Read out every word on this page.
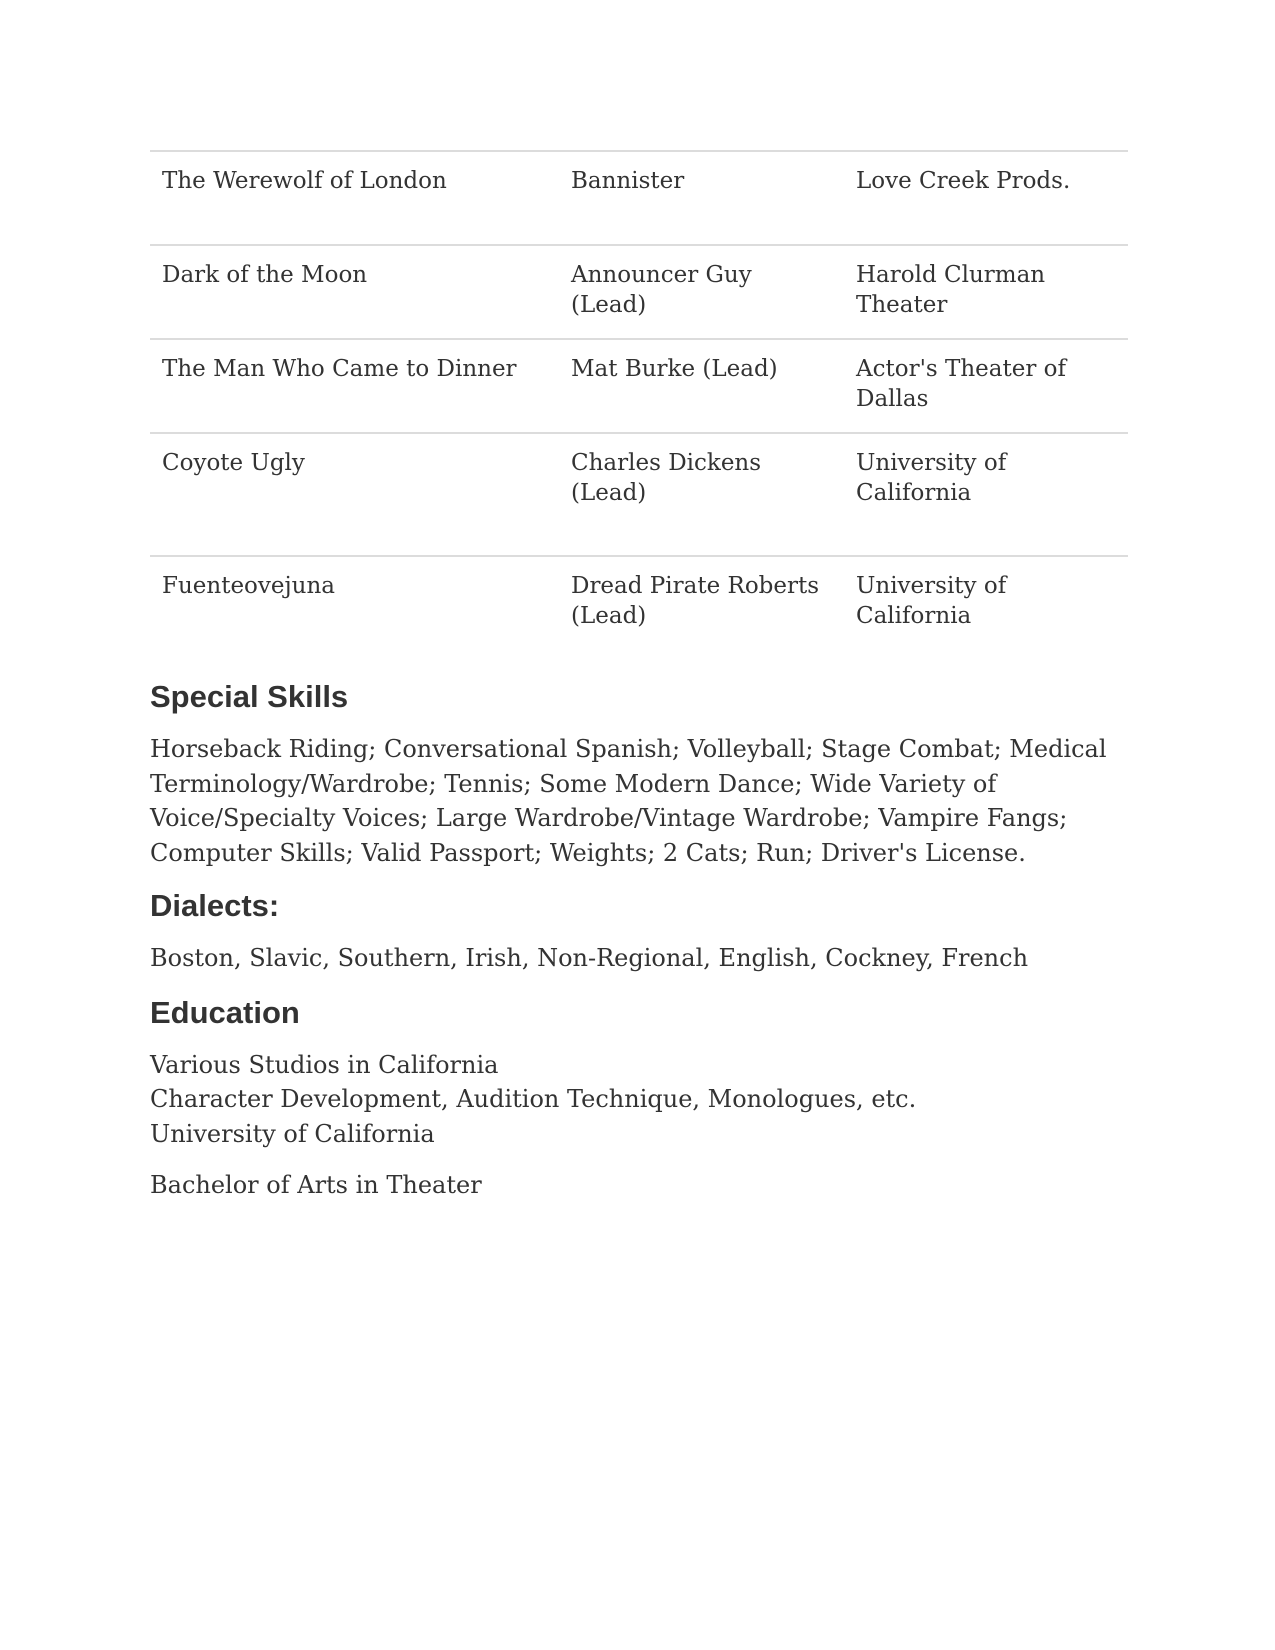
The Werewolf of London	Bannister	Love Creek Prods.
Dark of the Moon	Announcer Guy (Lead)	Harold Clurman Theater
The Man Who Came to Dinner	Mat Burke (Lead)	Actor's Theater of Dallas
Coyote Ugly	Charles Dickens (Lead)	University of California
Fuenteovejuna	Dread Pirate Roberts (Lead)	University of California
Special Skills

Horseback Riding; Conversational Spanish; Volleyball; Stage Combat; Medical Terminology/Wardrobe; Tennis; Some Modern Dance; Wide Variety of Voice/Specialty Voices; Large Wardrobe/Vintage Wardrobe; Vampire Fangs; Computer Skills; Valid Passport; Weights; 2 Cats; Run; Driver's License.

Dialects:

Boston, Slavic, Southern, Irish, Non-Regional, English, Cockney, French

Education

Various Studios in California
Character Development, Audition Technique, Monologues, etc.
University of California

Bachelor of Arts in Theater
